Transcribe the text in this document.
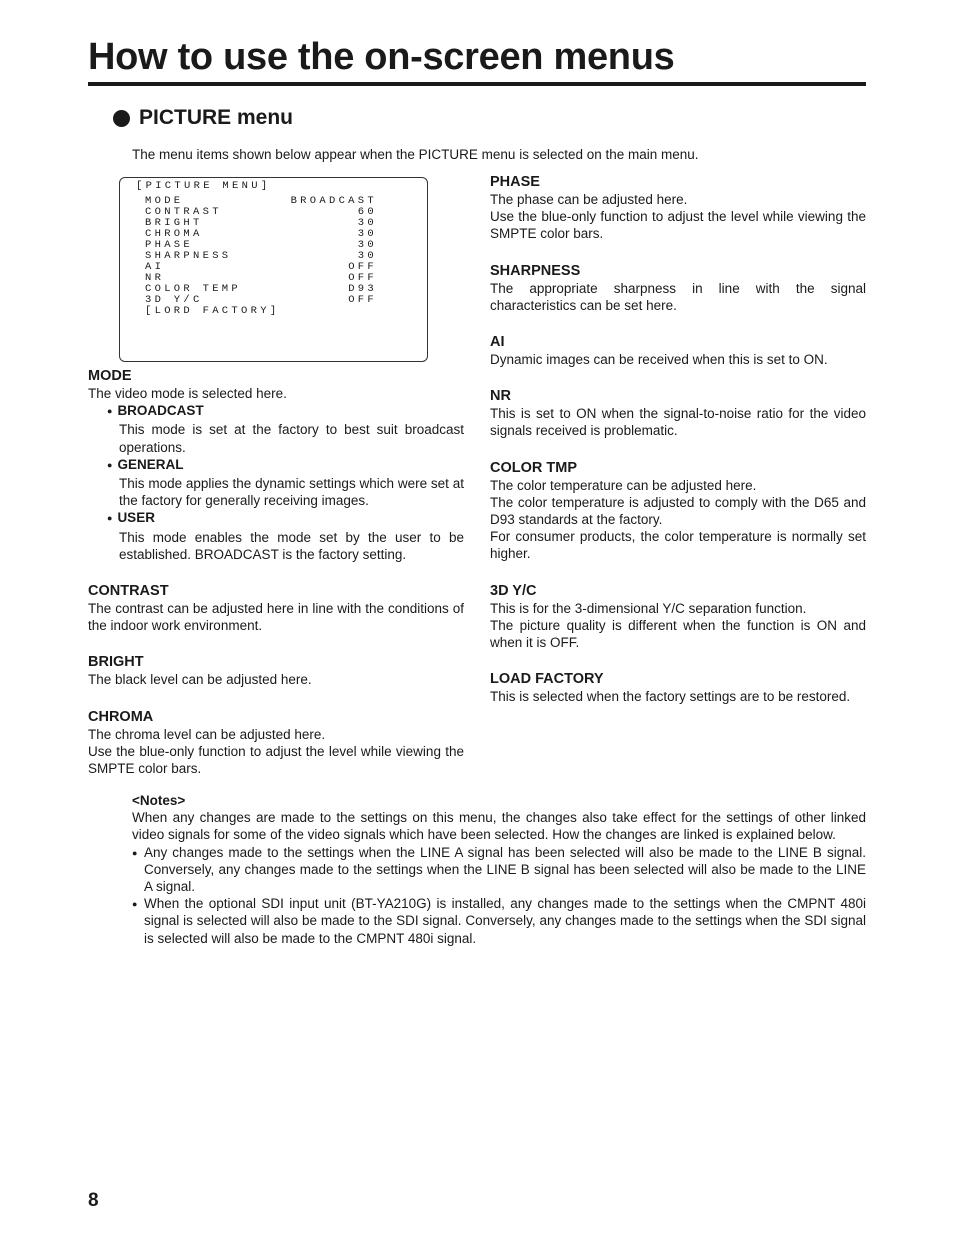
How to use the on-screen menus
PICTURE menu
The menu items shown below appear when the PICTURE menu is selected on the main menu.
[PICTURE MENU]
MODE	BROADCAST
CONTRAST	60
BRIGHT	30
CHROMA	30
PHASE	30
SHARPNESS	30
AI	OFF
NR	OFF
COLOR TEMP	D93
3D Y/C	OFF
[LORD FACTORY]
MODE

The video mode is selected here.

● BROADCAST

This mode is set at the factory to best suit broadcast operations.

● GENERAL

This mode applies the dynamic settings which were set at the factory for generally receiving images.

● USER

This mode enables the mode set by the user to be established. BROADCAST is the factory setting.

CONTRAST

The contrast can be adjusted here in line with the conditions of the indoor work environment.

BRIGHT

The black level can be adjusted here.

CHROMA

The chroma level can be adjusted here.

Use the blue-only function to adjust the level while viewing the SMPTE color bars.

PHASE

The phase can be adjusted here.

Use the blue-only function to adjust the level while viewing the SMPTE color bars.

SHARPNESS

The appropriate sharpness in line with the signal characteristics can be set here.

AI

Dynamic images can be received when this is set to ON.

NR

This is set to ON when the signal-to-noise ratio for the video signals received is problematic.

COLOR TMP

The color temperature can be adjusted here.

The color temperature is adjusted to comply with the D65 and D93 standards at the factory.

For consumer products, the color temperature is normally set higher.

3D Y/C

This is for the 3-dimensional Y/C separation function.

The picture quality is different when the function is ON and when it is OFF.

LOAD FACTORY

This is selected when the factory settings are to be restored.

<Notes>

When any changes are made to the settings on this menu, the changes also take effect for the settings of other linked video signals for some of the video signals which have been selected. How the changes are linked is explained below.

● Any changes made to the settings when the LINE A signal has been selected will also be made to the LINE B signal. Conversely, any changes made to the settings when the LINE B signal has been selected will also be made to the LINE A signal.
● When the optional SDI input unit (BT-YA210G) is installed, any changes made to the settings when the CMPNT 480i signal is selected will also be made to the SDI signal. Conversely, any changes made to the settings when the SDI signal is selected will also be made to the CMPNT 480i signal.
8
